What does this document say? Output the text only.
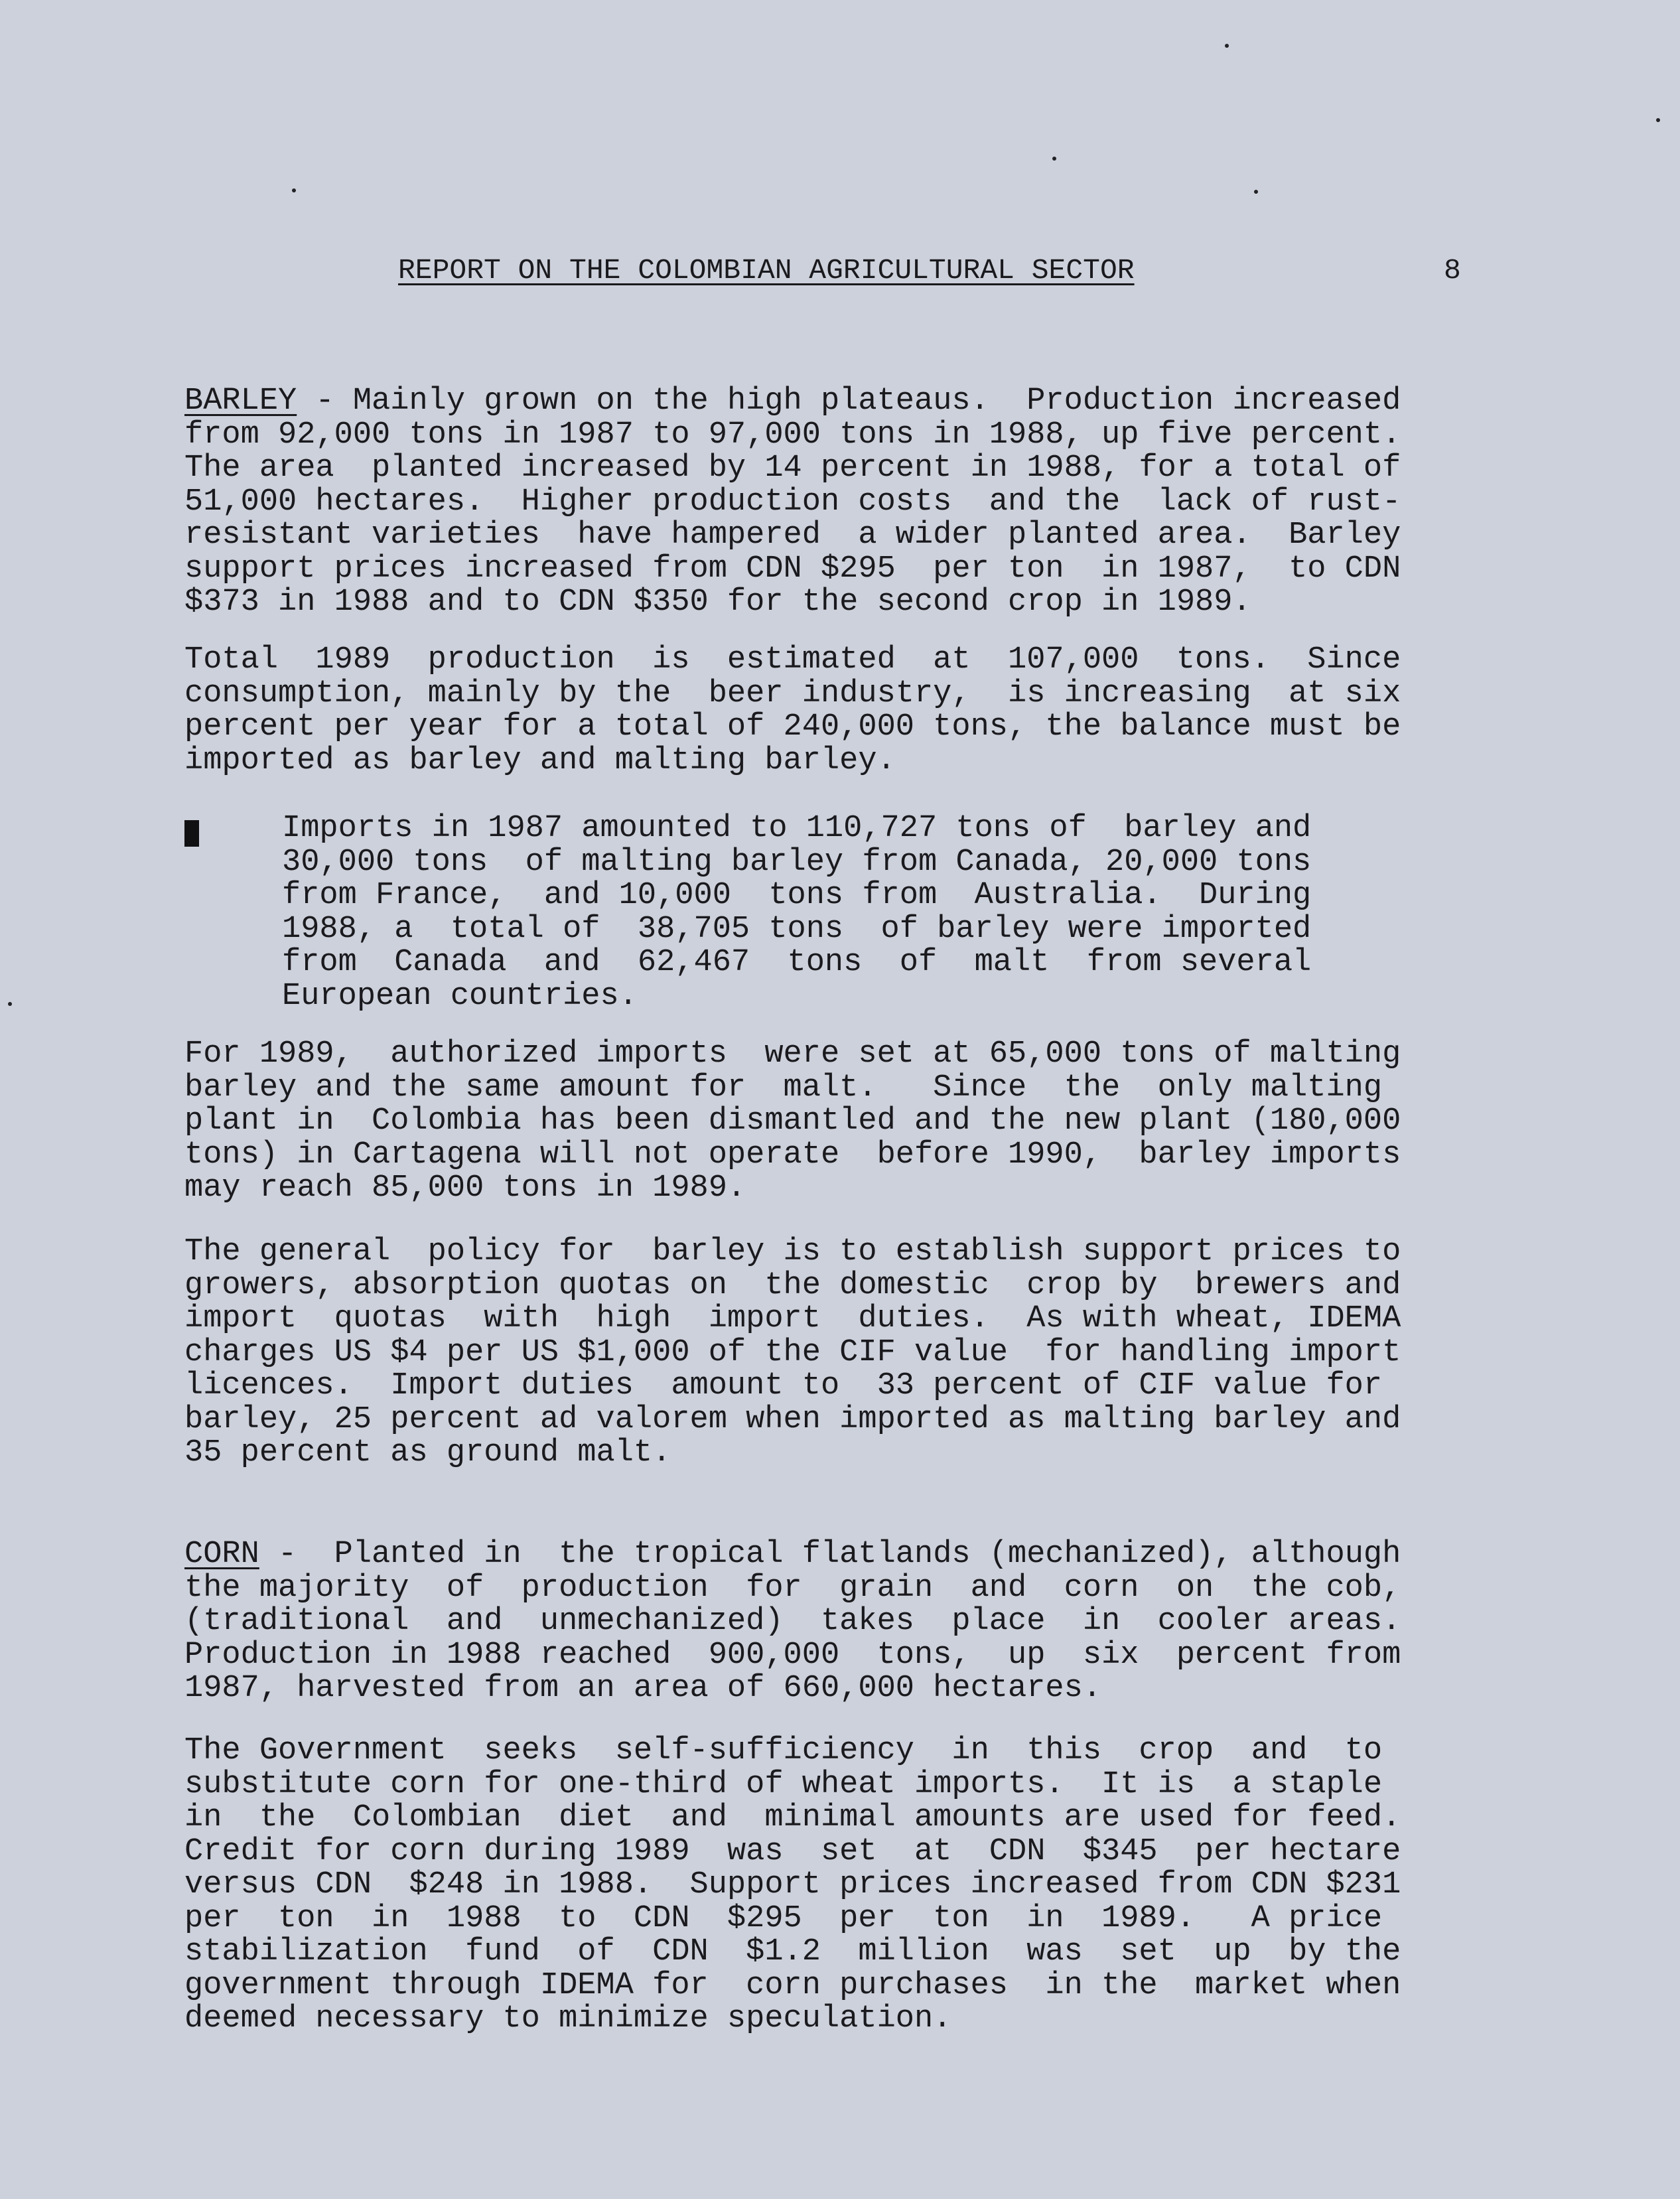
REPORT ON THE COLOMBIAN AGRICULTURAL SECTOR	8
BARLEY - Mainly grown on the high plateaus.  Production increased
from 92,000 tons in 1987 to 97,000 tons in 1988, up five percent.
The area  planted increased by 14 percent in 1988, for a total of
51,000 hectares.  Higher production costs  and the  lack of rust-
resistant varieties  have hampered  a wider planted area.  Barley
support prices increased from CDN $295  per ton  in 1987,  to CDN
$373 in 1988 and to CDN $350 for the second crop in 1989.
Total  1989  production  is  estimated  at  107,000  tons.  Since
consumption, mainly by the  beer industry,  is increasing  at six
percent per year for a total of 240,000 tons, the balance must be
imported as barley and malting barley.
Imports in 1987 amounted to 110,727 tons of  barley and
30,000 tons  of malting barley from Canada, 20,000 tons
from France,  and 10,000  tons from  Australia.  During
1988, a  total of  38,705 tons  of barley were imported
from  Canada  and  62,467  tons  of  malt  from several
European countries.
For 1989,  authorized imports  were set at 65,000 tons of malting
barley and the same amount for  malt.   Since  the  only malting
plant in  Colombia has been dismantled and the new plant (180,000
tons) in Cartagena will not operate  before 1990,  barley imports
may reach 85,000 tons in 1989.
The general  policy for  barley is to establish support prices to
growers, absorption quotas on  the domestic  crop by  brewers and
import  quotas  with  high  import  duties.  As with wheat, IDEMA
charges US $4 per US $1,000 of the CIF value  for handling import
licences.  Import duties  amount to  33 percent of CIF value for
barley, 25 percent ad valorem when imported as malting barley and
35 percent as ground malt.
CORN -  Planted in  the tropical flatlands (mechanized), although
the majority  of  production  for  grain  and  corn  on  the cob,
(traditional  and  unmechanized)  takes  place  in  cooler areas.
Production in 1988 reached  900,000  tons,  up  six  percent from
1987, harvested from an area of 660,000 hectares.
The Government  seeks  self-sufficiency  in  this  crop  and  to
substitute corn for one-third of wheat imports.  It is  a staple
in  the  Colombian  diet  and  minimal amounts are used for feed.
Credit for corn during 1989  was  set  at  CDN  $345  per hectare
versus CDN  $248 in 1988.  Support prices increased from CDN $231
per  ton  in  1988  to  CDN  $295  per  ton  in  1989.   A price
stabilization  fund  of  CDN  $1.2  million  was  set  up  by the
government through IDEMA for  corn purchases  in the  market when
deemed necessary to minimize speculation.
